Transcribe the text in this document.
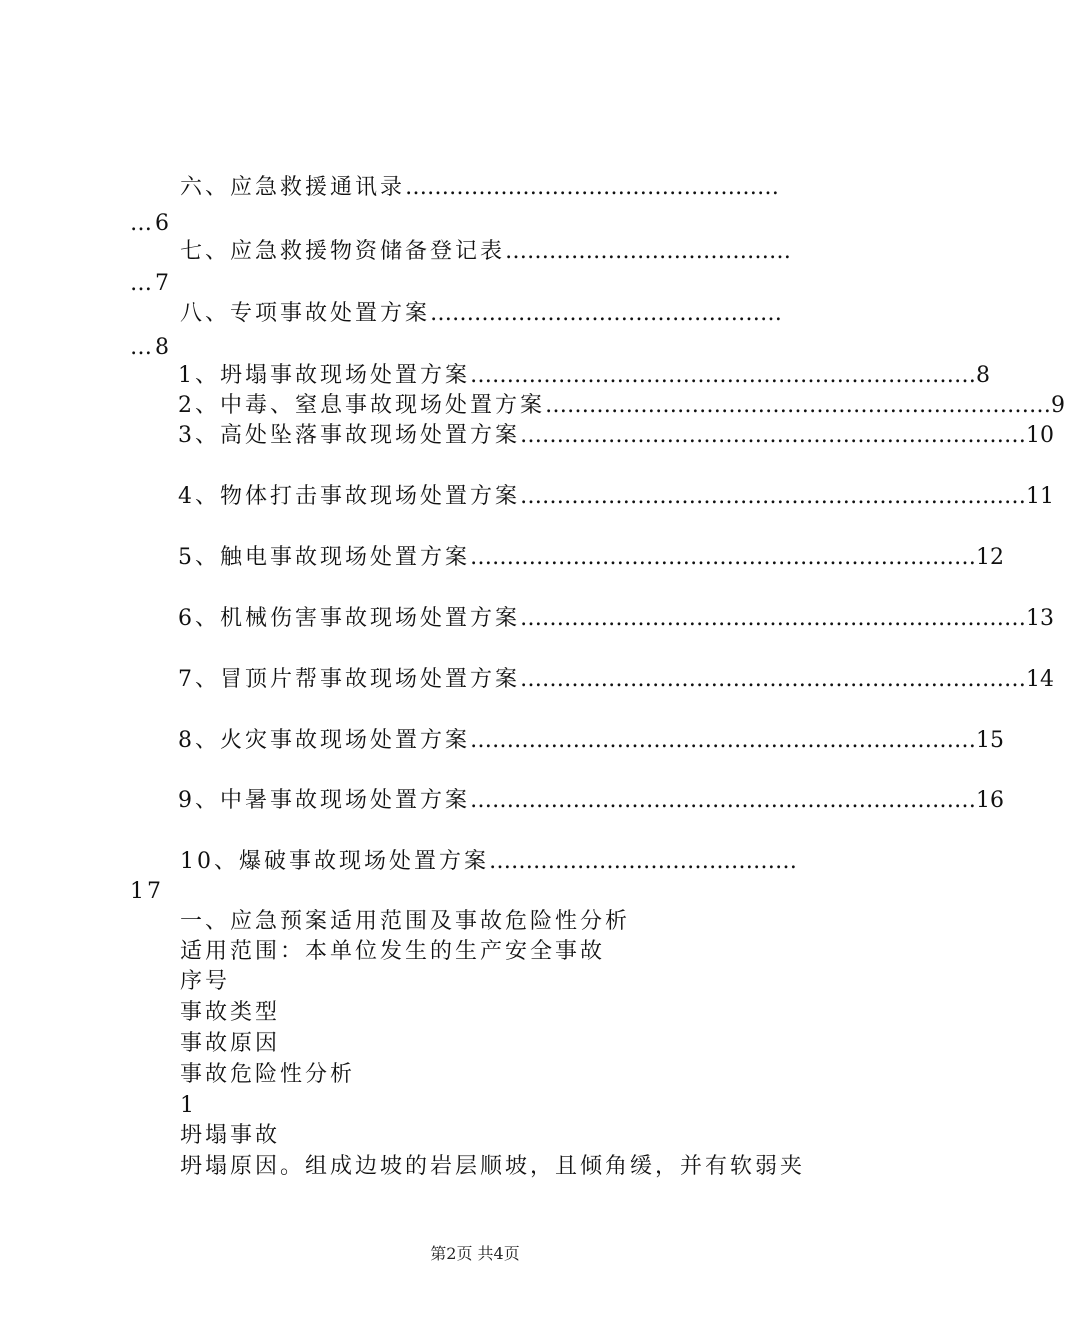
六、应急救援通讯录……………………………………………
…6
七、应急救援物资储备登记表…………………………………
…7
八、专项事故处置方案…………………………………………
…8
1、坍塌事故现场处置方案 …………………………………………………………… 8
2、中毒、窒息事故现场处置方案 …………………………………………………………… 9
3、高处坠落事故现场处置方案 …………………………………………………………… 10
4、物体打击事故现场处置方案 …………………………………………………………… 11
5、触电事故现场处置方案 …………………………………………………………… 12
6、机械伤害事故现场处置方案 …………………………………………………………… 13
7、冒顶片帮事故现场处置方案 …………………………………………………………… 14
8、火灾事故现场处置方案 …………………………………………………………… 15
9、中暑事故现场处置方案 …………………………………………………………… 16
10、爆破事故现场处置方案……………………………………
17
一、应急预案适用范围及事故危险性分析
适用范围：本单位发生的生产安全事故
序号
事故类型
事故原因
事故危险性分析
1
坍塌事故
坍塌原因。组成边坡的岩层顺坡，且倾角缓，并有软弱夹
第2页 共4页
